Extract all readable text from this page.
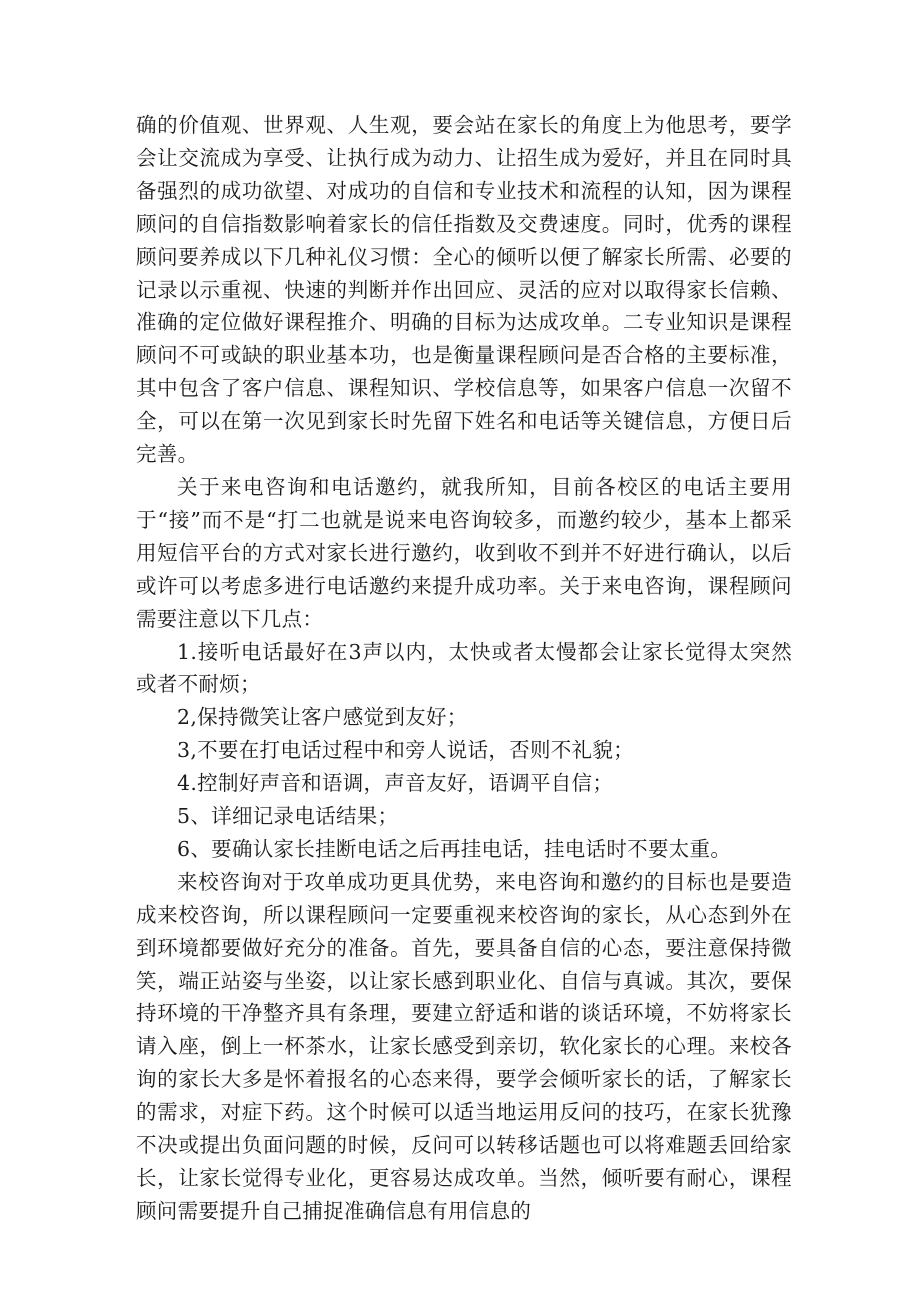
确的价值观、世界观、人生观，要会站在家长的角度上为他思考，要学会让交流成为享受、让执行成为动力、让招生成为爱好，并且在同时具备强烈的成功欲望、对成功的自信和专业技术和流程的认知，因为课程顾问的自信指数影响着家长的信任指数及交费速度。同时，优秀的课程顾问要养成以下几种礼仪习惯：全心的倾听以便了解家长所需、必要的记录以示重视、快速的判断并作出回应、灵活的应对以取得家长信赖、准确的定位做好课程推介、明确的目标为达成攻单。二专业知识是课程顾问不可或缺的职业基本功，也是衡量课程顾问是否合格的主要标准，其中包含了客户信息、课程知识、学校信息等，如果客户信息一次留不全，可以在第一次见到家长时先留下姓名和电话等关键信息，方便日后完善。

关于来电咨询和电话邀约，就我所知，目前各校区的电话主要用于“接”而不是“打二也就是说来电咨询较多，而邀约较少，基本上都采用短信平台的方式对家长进行邀约，收到收不到并不好进行确认，以后或许可以考虑多进行电话邀约来提升成功率。关于来电咨询，课程顾问需要注意以下几点：

1.接听电话最好在3声以内，太快或者太慢都会让家长觉得太突然或者不耐烦；

2,保持微笑让客户感觉到友好；

3,不要在打电话过程中和旁人说话，否则不礼貌；

4.控制好声音和语调，声音友好，语调平自信；

5、详细记录电话结果；

6、要确认家长挂断电话之后再挂电话，挂电话时不要太重。

来校咨询对于攻单成功更具优势，来电咨询和邀约的目标也是要造成来校咨询，所以课程顾问一定要重视来校咨询的家长，从心态到外在到环境都要做好充分的准备。首先，要具备自信的心态，要注意保持微笑，端正站姿与坐姿，以让家长感到职业化、自信与真诚。其次，要保持环境的干净整齐具有条理，要建立舒适和谐的谈话环境，不妨将家长请入座，倒上一杯茶水，让家长感受到亲切，软化家长的心理。来校各询的家长大多是怀着报名的心态来得，要学会倾听家长的话，了解家长的需求，对症下药。这个时候可以适当地运用反问的技巧，在家长犹豫不决或提出负面问题的时候，反问可以转移话题也可以将难题丢回给家长，让家长觉得专业化，更容易达成攻单。当然，倾听要有耐心，课程顾问需要提升自己捕捉准确信息有用信息的
